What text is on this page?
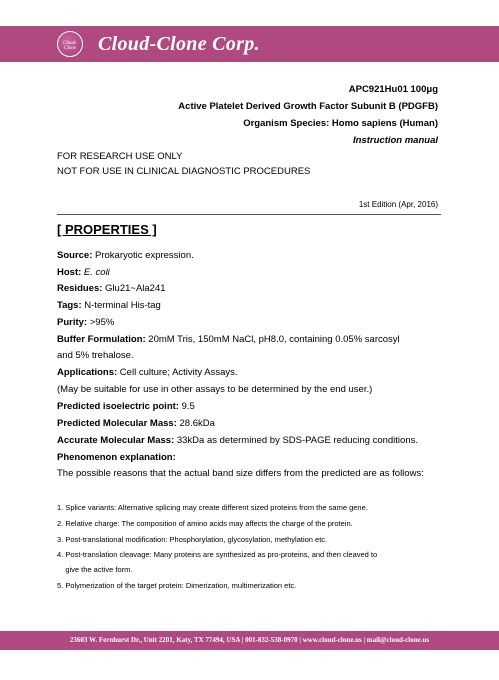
Cloud-Clone	Cloud-Clone Corp.
APC921Hu01 100μg
Active Platelet Derived Growth Factor Subunit B (PDGFB)
Organism Species: Homo sapiens (Human)
Instruction manual
FOR RESEARCH USE ONLY
NOT FOR USE IN CLINICAL DIAGNOSTIC PROCEDURES
1st Edition (Apr, 2016)
[ PROPERTIES ]
Source: Prokaryotic expression.
Host: E. coli
Residues: Glu21~Ala241
Tags: N-terminal His-tag
Purity: >95%
Buffer Formulation: 20mM Tris, 150mM NaCl, pH8.0, containing 0.05% sarcosyl
and 5% trehalose.
Applications: Cell culture; Activity Assays.
(May be suitable for use in other assays to be determined by the end user.)
Predicted isoelectric point: 9.5
Predicted Molecular Mass: 28.6kDa
Accurate Molecular Mass: 33kDa as determined by SDS-PAGE reducing conditions.
Phenomenon explanation:
The possible reasons that the actual band size differs from the predicted are as follows:
1. Splice variants: Alternative splicing may create different sized proteins from the same gene.
2. Relative charge: The composition of amino acids may affects the charge of the protein.
3. Post-translational modification: Phosphorylation, glycosylation, methylation etc.
4. Post-translation cleavage: Many proteins are synthesized as pro-proteins, and then cleaved to
give the active form.
5. Polymerization of the target protein: Dimerization, multimerization etc.
23603 W. Fernhurst Dr., Unit 2201, Katy, TX 77494, USA | 001-832-538-0970 | www.cloud-clone.us | mail@cloud-clone.us
